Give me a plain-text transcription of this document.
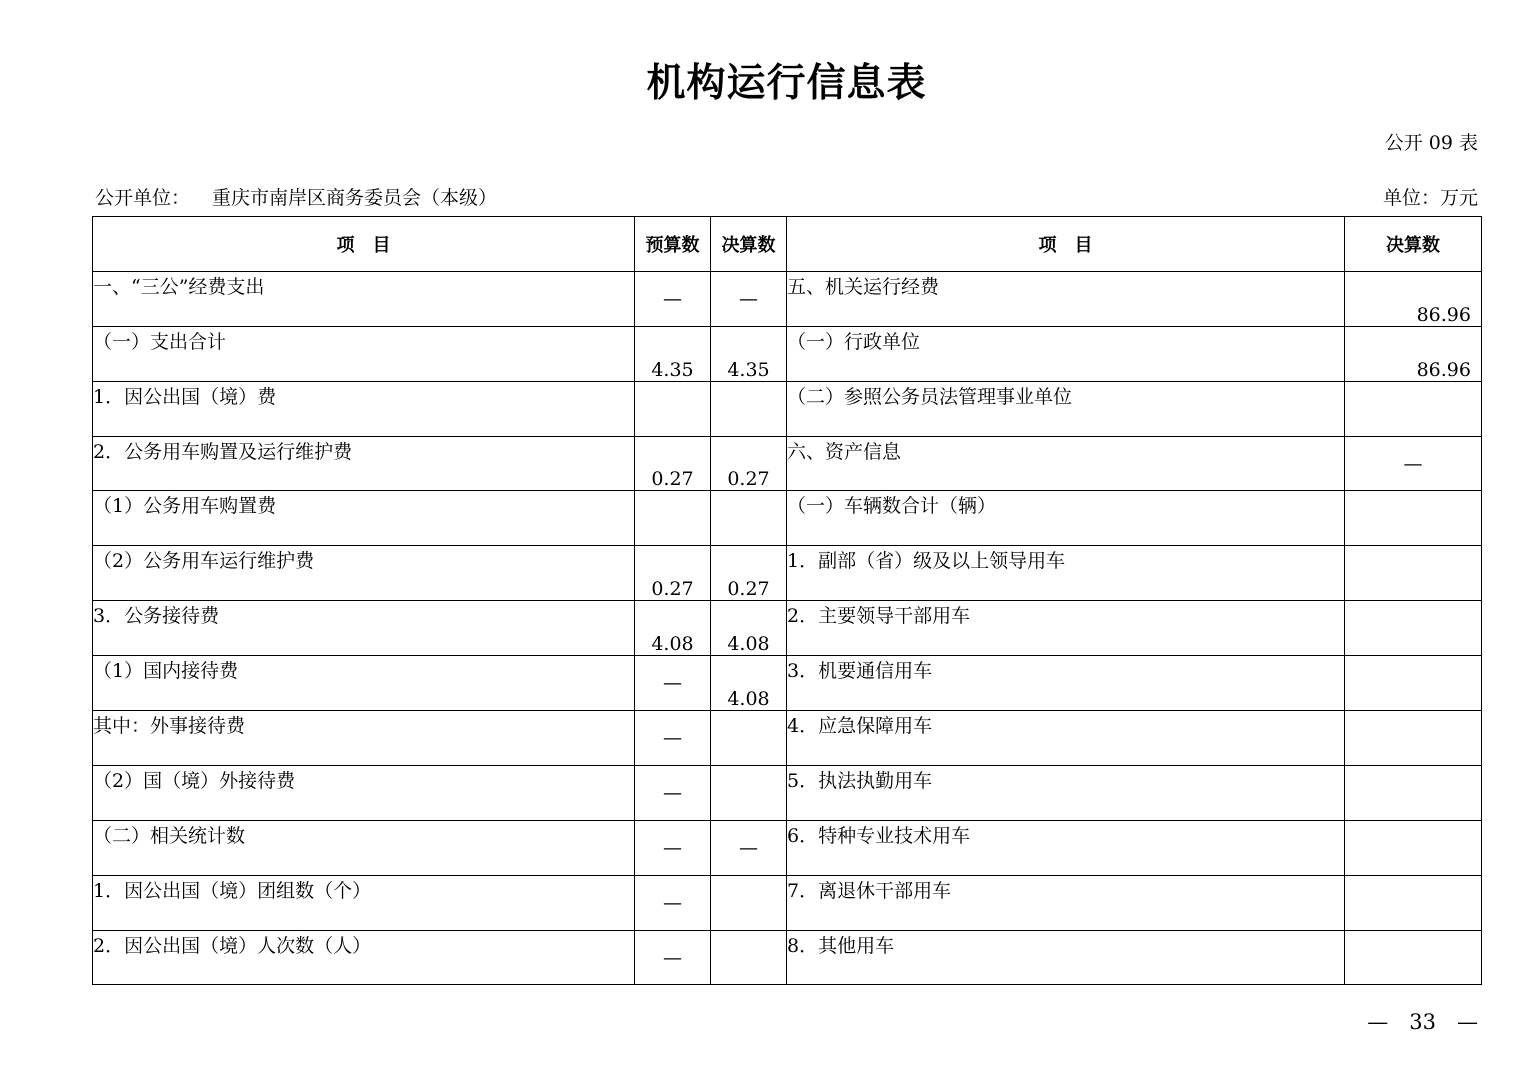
机构运行信息表
公开 09 表
公开单位： 重庆市南岸区商务委员会（本级）	单位：万元
项　目	预算数	决算数	项　目	决算数
一、“三公”经费支出	—	—	五、机关运行经费	86.96
（一）支出合计	4.35	4.35	（一）行政单位	86.96
1．因公出国（境）费			（二）参照公务员法管理事业单位	
2．公务用车购置及运行维护费	0.27	0.27	六、资产信息	—
（1）公务用车购置费			（一）车辆数合计（辆）	
（2）公务用车运行维护费	0.27	0.27	1．副部（省）级及以上领导用车	
3．公务接待费	4.08	4.08	2．主要领导干部用车	
（1）国内接待费	—	4.08	3．机要通信用车	
其中：外事接待费	—		4．应急保障用车	
（2）国（境）外接待费	—		5．执法执勤用车	
（二）相关统计数	—	—	6．特种专业技术用车	
1．因公出国（境）团组数（个）	—		7．离退休干部用车	
2．因公出国（境）人次数（人）	—		8．其他用车	
—　33　—
